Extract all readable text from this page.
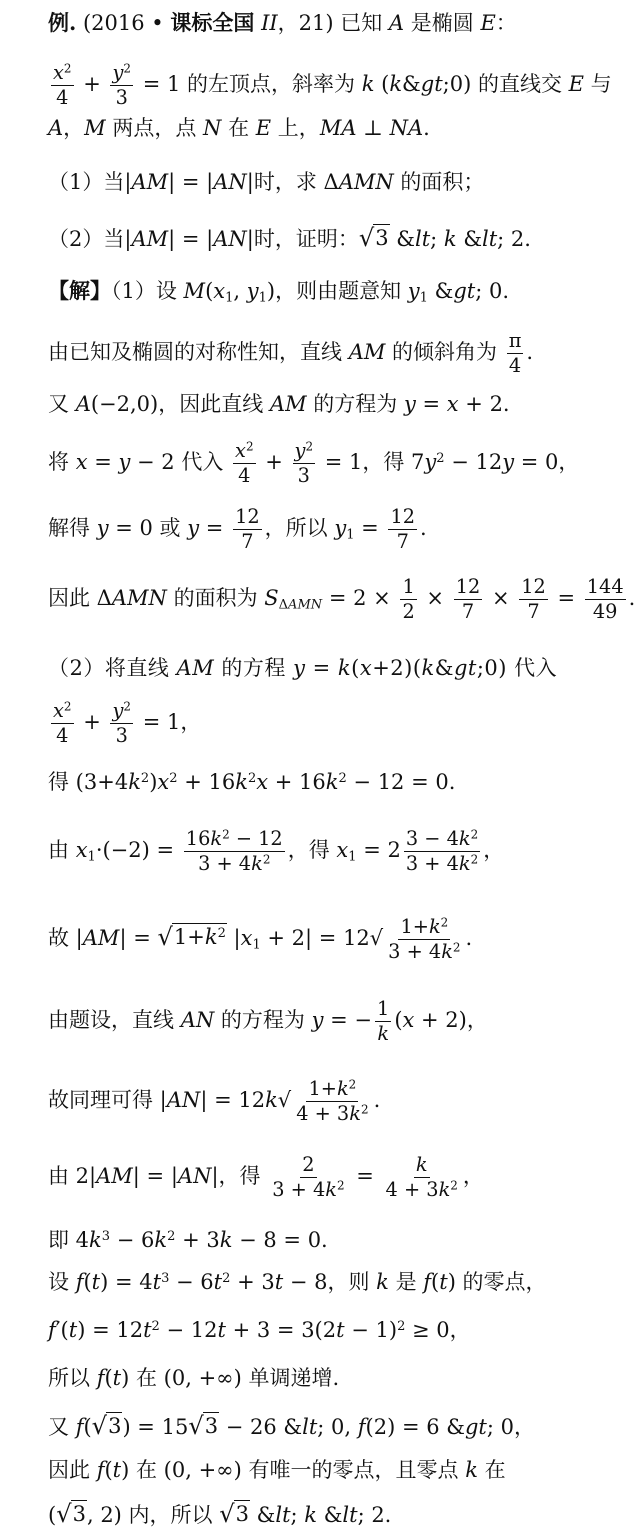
例. (2016 • 课标全国 II，21) 已知 A 是椭圆 E：
$\frac{x^2}{4} + \frac{y^2}{3} = 1$ 的左顶点，斜率为 k (k&gt;0) 的直线交 E 与
A，M 两点，点 N 在 E 上，MA ⊥ NA.
（1）当|AM| = |AN|时，求 ΔAMN 的面积；
（2）当|AM| = |AN|时，证明： √ 3 &lt; k &lt; 2.
【解】（1）设 $M(x_1$, $y_1$)，则由题意知 $y_1$ &gt; 0.
由已知及椭圆的对称性知，直线 AM 的倾斜角为 $\frac{\pi}{4}$ .
又 A(−2,0)，因此直线 AM 的方程为 y = x + 2.
将 x = y − 2 代入 $\frac{x^2}{4} + \frac{y^2}{3} = 1$，得 $7y^2 - 12y = 0$，
解得 y = 0 或 $y = \frac{12}{7}$ ，所以 $y_1 = \frac{12}{7}$ .
因此 ΔAMN 的面积为 $S_{\Delta AMN} = 2 \times \frac{1}{2} \times \frac{12}{7} \times \frac{12}{7} = \frac{144}{49}$ .
（2）将直线 AM 的方程 y = k(x+2)(k&gt;0) 代入
$\frac{x^2}{4} + \frac{y^2}{3} = 1$，
得 $(3+4k^2)x^2 + 16k^2x + 16k^2 - 12 = 0$.
由 $x_1\cdot(-2) = \frac{16k^2 - 12}{3 + 4k^2}$ ，得 $x_1 = 2 \frac{3 - 4k^2}{3 + 4k^2}$ ，
故 |AM| = √ $1+k^2$ $|x_1 + 2| = 12√ \frac{1+k^2}{3 + 4k^2}$ .
由题设，直线 AN 的方程为 y = − $\frac{1}{k} (x + 2)$，
故同理可得 $|AN| = 12k√ \frac{1+k^2}{4 + 3k^2}$ .
由 2|AM| = |AN|，得 $\frac{2}{3 + 4k^2} = \frac{k}{4 + 3k^2}$ ，
即 $4k^3 - 6k^2 + 3k - 8 = 0$.
设 $f(t) = 4t^3 - 6t^2 + 3t - 8$，则 k 是 f(t) 的零点，
$f'(t) = 12t^2 - 12t + 3 = 3(2t - 1)^2 \ge 0$，
所以 f(t) 在 (0, +∞) 单调递增.
又 f( √ 3 ) = 15 √ 3 − 26 &lt; 0, f(2) = 6 &gt; 0，
因此 f(t) 在 (0, +∞) 有唯一的零点，且零点 k 在
( √ 3 , 2) 内，所以 √ 3 &lt; k &lt; 2.
